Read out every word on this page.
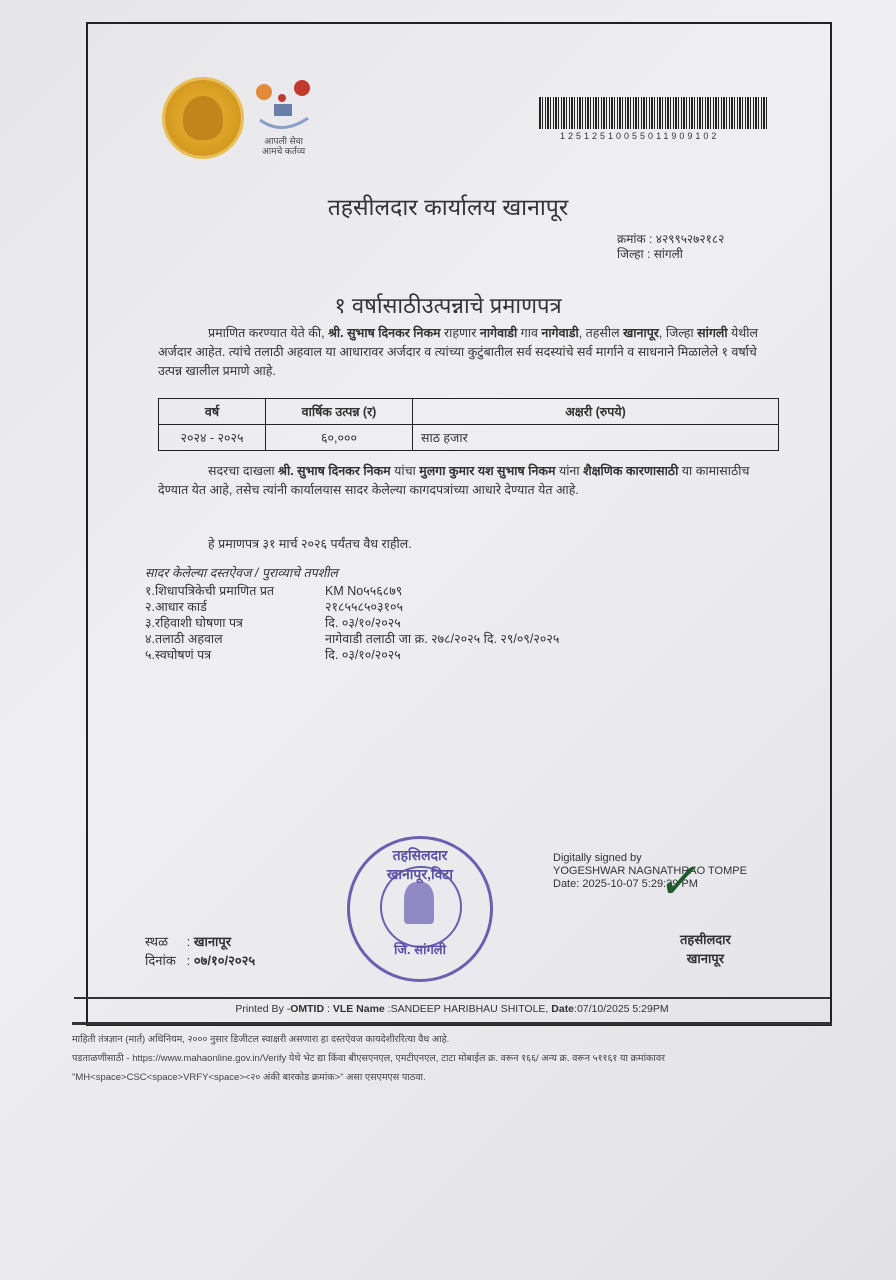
आपली सेवा
आमचे कर्तव्य
12512510055011909102
तहसीलदार कार्यालय खानापूर
क्रमांक : ४२९९५२७२१८२
जिल्हा : सांगली
१ वर्षासाठीउत्पन्नाचे प्रमाणपत्र
प्रमाणित करण्यात येते की, श्री. सुभाष दिनकर निकम राहणार नागेवाडी गाव नागेवाडी, तहसील खानापूर, जिल्हा सांगली येथील अर्जदार आहेत. त्यांचे तलाठी अहवाल या आधारावर अर्जदार व त्यांच्या कुटुंबातील सर्व सदस्यांचे सर्व मार्गाने व साधनाने मिळालेले १ वर्षाचे उत्पन्न खालील प्रमाणे आहे.
वर्ष	वार्षिक उत्पन्न (र)	अक्षरी (रुपये)
२०२४ - २०२५	६०,०००	साठ हजार
सदरचा दाखला श्री. सुभाष दिनकर निकम यांचा मुलगा कुमार यश सुभाष निकम यांना शैक्षणिक कारणासाठी या कामासाठीच देण्यात येत आहे, तसेच त्यांनी कार्यालयास सादर केलेल्या कागदपत्रांच्या आधारे देण्यात येत आहे.
हे प्रमाणपत्र ३१ मार्च २०२६ पर्यंतच वैध राहील.
सादर केलेल्या दस्तऐवज / पुराव्याचे तपशील
१.शिधापत्रिकेची प्रमाणित प्रत	KM No५५६८७९
२.आधार कार्ड	२१८५५८५०३१०५
३.रहिवाशी घोषणा पत्र	दि. ०३/१०/२०२५
४.तलाठी अहवाल	नागेवाडी तलाठी जा क्र. २७८/२०२५ दि. २९/०९/२०२५
५.स्वघोषणं पत्र	दि. ०३/१०/२०२५
तहसिलदार खानापूर,विटा
जि. सांगली
Digitally signed by
YOGESHWAR NAGNATHRAO TOMPE
Date: 2025-10-07 5:29:39 PM
✓
स्थळ : खानापूर
दिनांक : ०७/१०/२०२५
तहसीलदार
खानापूर
Printed By -OMTID : VLE Name :SANDEEP HARIBHAU SHITOLE, Date:07/10/2025 5:29PM
माहिती तंत्रज्ञान (मार्त) अधिनियम, २००० नुसार डिजीटल स्वाक्षरी असणारा हा दस्तऐवज कायदेशीररित्या वैध आहे.
पडताळणीसाठी - https://www.mahaonline.gov.in/Verify येथे भेट द्या किंवा बीएसएनएल, एमटीएनएल, टाटा मोबाईल क्र. वरून १६६/ अन्य क्र. वरून ५११६१ या क्रमांकावर
"MH<space>CSC<space>VRFY<space><२० अंकी बारकोड क्रमांक>" असा एसएमएस पाठवा.
